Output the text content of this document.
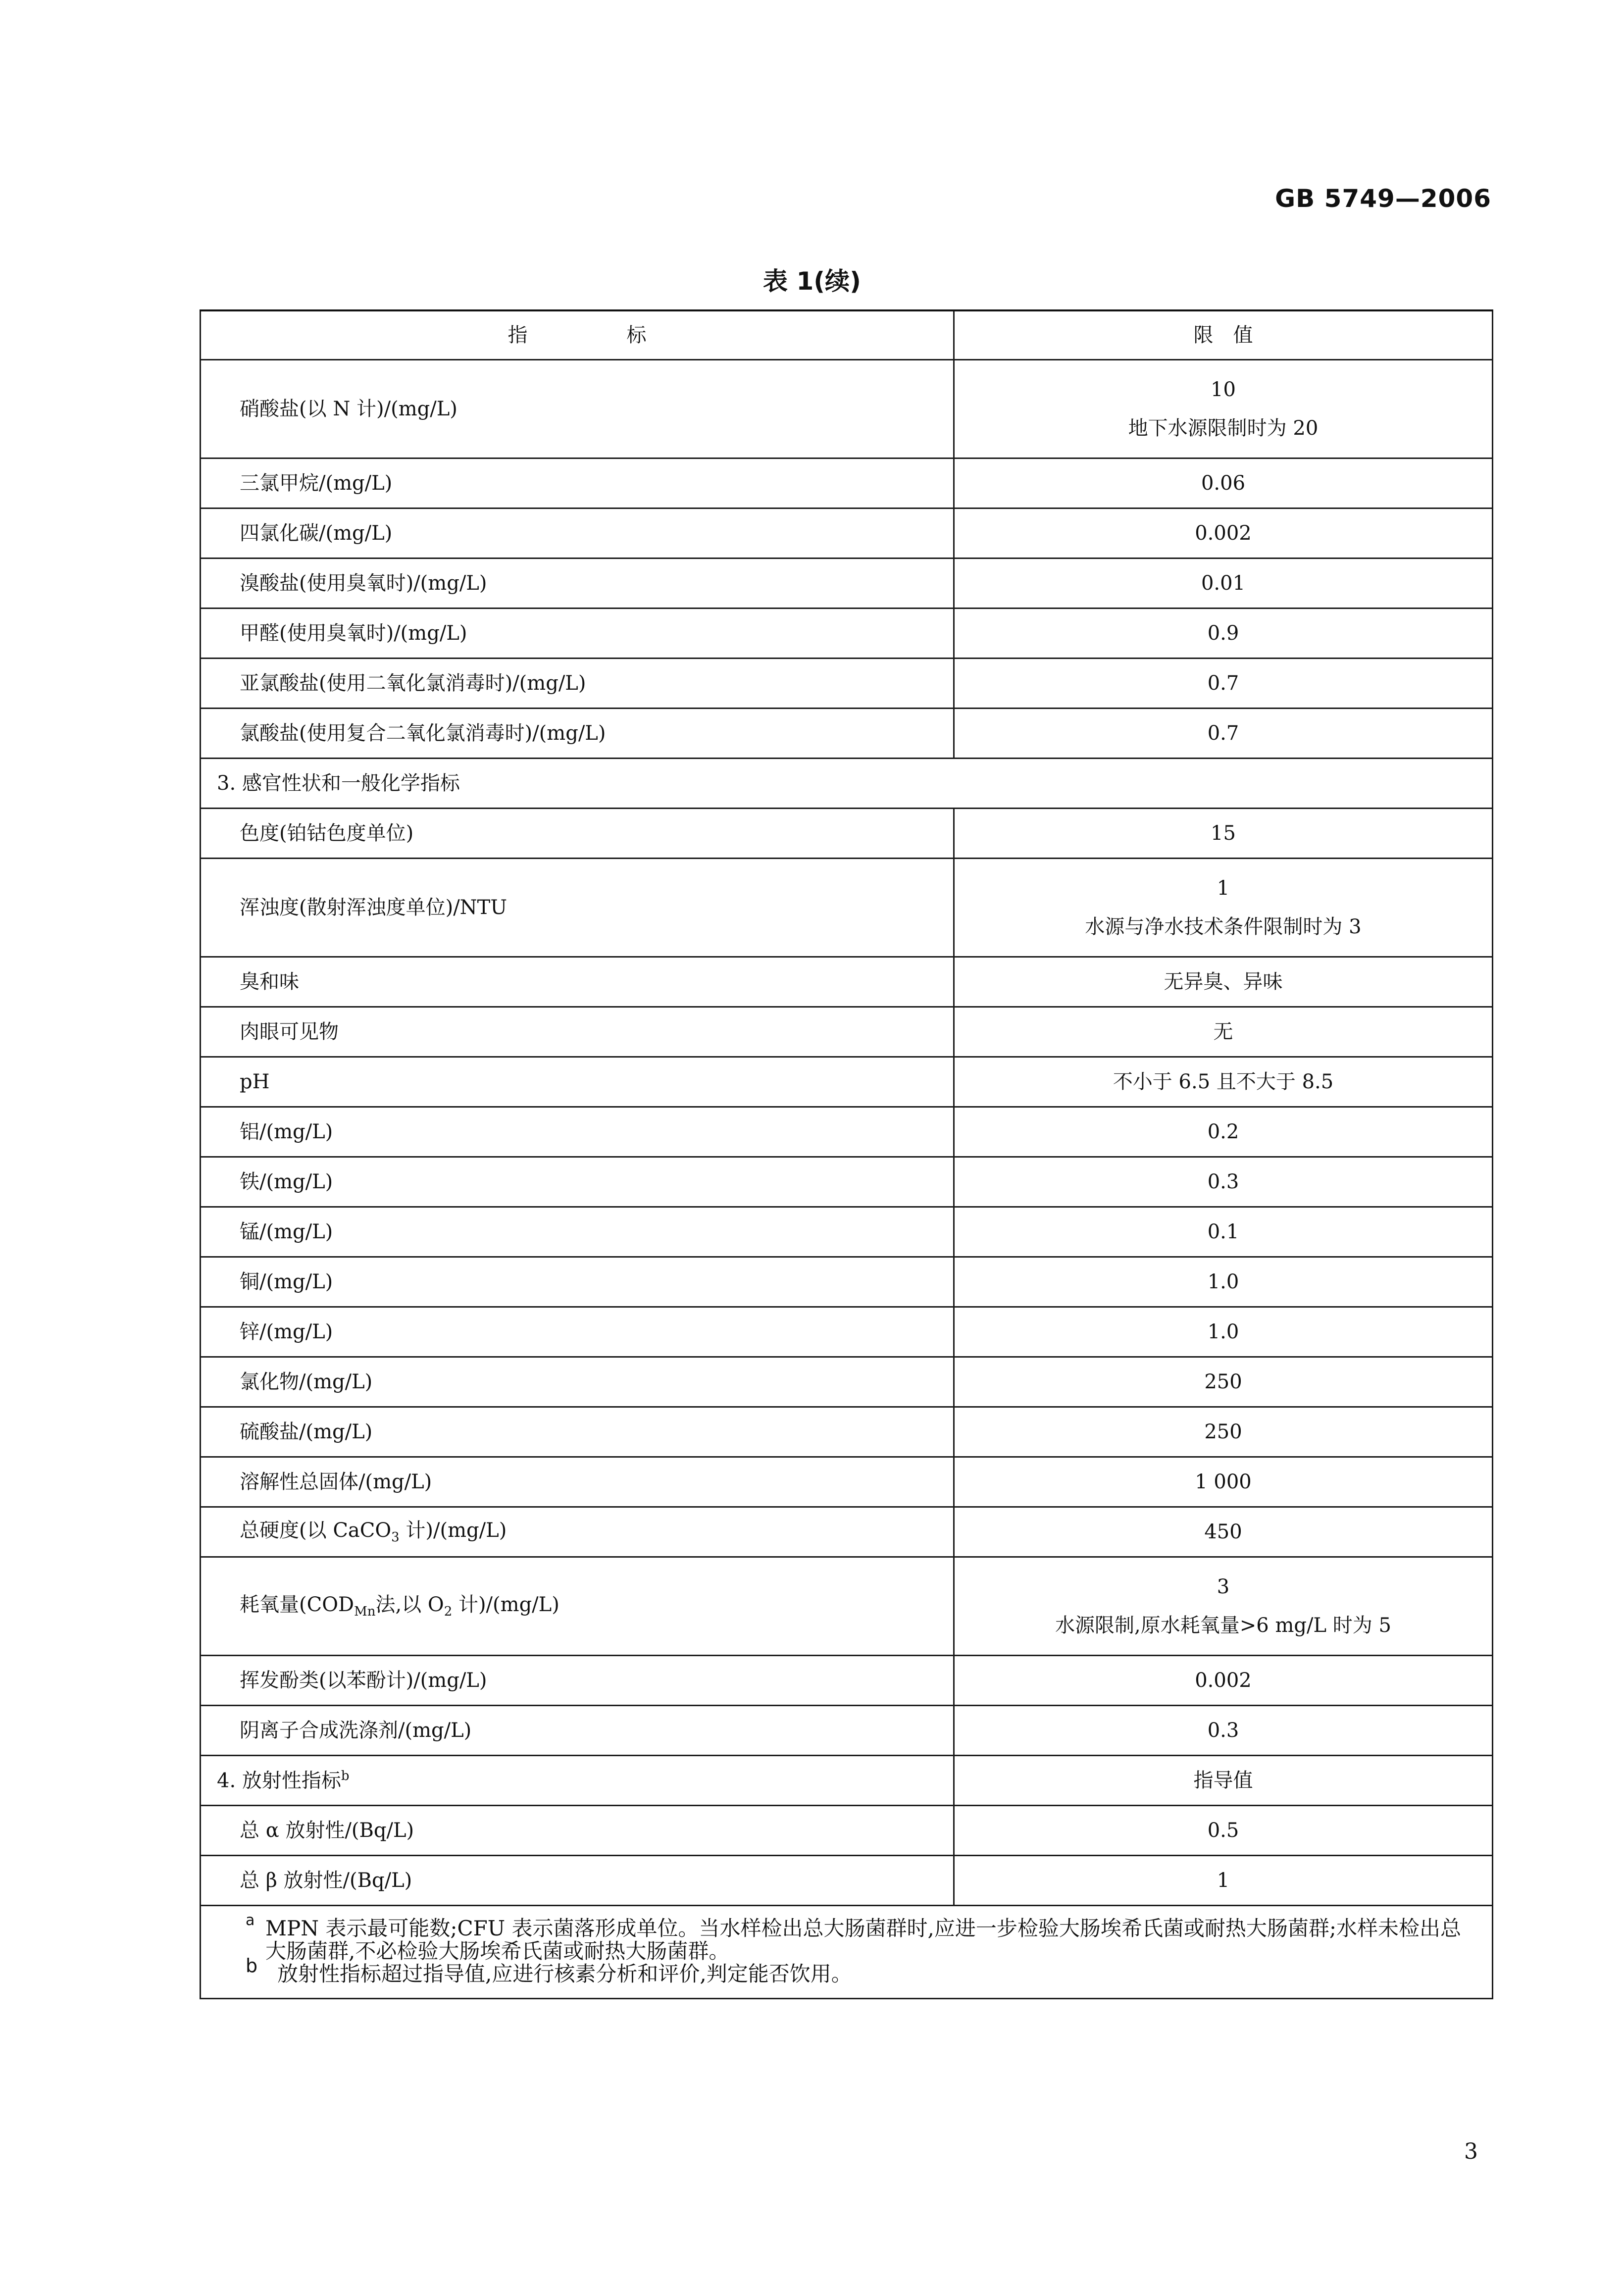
GB 5749—2006
表 1(续)
指　　　　　标	限　值
硝酸盐(以 N 计)/(mg/L)	10
地下水源限制时为 20

三氯甲烷/(mg/L)	0.06
四氯化碳/(mg/L)	0.002
溴酸盐(使用臭氧时)/(mg/L)	0.01
甲醛(使用臭氧时)/(mg/L)	0.9
亚氯酸盐(使用二氧化氯消毒时)/(mg/L)	0.7
氯酸盐(使用复合二氧化氯消毒时)/(mg/L)	0.7
3. 感官性状和一般化学指标	
色度(铂钴色度单位)	15
浑浊度(散射浑浊度单位)/NTU	1
水源与净水技术条件限制时为 3

臭和味	无异臭、异味
肉眼可见物	无
pH	不小于 6.5 且不大于 8.5
铝/(mg/L)	0.2
铁/(mg/L)	0.3
锰/(mg/L)	0.1
铜/(mg/L)	1.0
锌/(mg/L)	1.0
氯化物/(mg/L)	250
硫酸盐/(mg/L)	250
溶解性总固体/(mg/L)	1 000
总硬度(以 CaCO$_3$ 计)/(mg/L)	450
耗氧量($COD_{Mn}$法,以 $O_2$ 计)/(mg/L)	3
水源限制,原水耗氧量>6 mg/L 时为 5

挥发酚类(以苯酚计)/(mg/L)	0.002
阴离子合成洗涤剂/(mg/L)	0.3
4. 放射性指标$^b$	指导值
总 α 放射性/(Bq/L)	0.5
总 β 放射性/(Bq/L)	1

a MPN 表示最可能数;CFU 表示菌落形成单位。当水样检出总大肠菌群时,应进一步检验大肠埃希氏菌或耐热大肠菌群;水样未检出总大肠菌群,不必检验大肠埃希氏菌或耐热大肠菌群。
b 放射性指标超过指导值,应进行核素分析和评价,判定能否饮用。	
3
